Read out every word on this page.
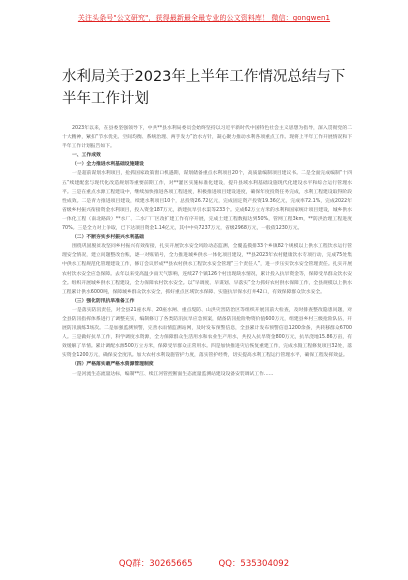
关注头条号"公文研究"，获得最新最全最专业的公文资料库！ 微信：gongwen1
水利局关于2023年上半年工作情况总结与下半年工作计划

2023年以来，在县委坚强领导下，中共**县水利局委员会始终坚持以习近平新时代中国特色社会主义思想为指导，深入贯彻党的二十大精神，紧扣“节水优先、空间均衡、系统治理、两手发力”治水方针，凝心聚力推动水利各项重点工作。现将上半年工作开展情况和下半年工作计划报告如下。

一、工作成效

（一）全力推进水利基础设施建设

一是超前谋划水利项目，抢抓国家政策窗口机遇期，谋划储备重点水利项目20个，高质量编制项目建议书。二是全面完成编制“十四五”续建配套与现代化改造规划等重要前期工作，对**灌区实施标准化建设，提升县域水利基础设施现代化建设水平和综合运行管理水平。三是在重点水源工程建设中，继续加快推进各项工程进度，积极推进项目建设进度，确保年度投资任务完成，水利工程建设取得阶段性成效。二是青力推进项目建设，续建水利项目10个，总投资26.72亿元，完成固定资产投资19.36亿元，完成率72.1%，完成2022年省级乡村振兴衔接资金水利项目，投入资金187万元，新建抗旱引水渠等233个。完成62万立方米的水利和国家统计项目建设，城乡供水一体化工程（南北路段）**水厂、二水厂厂区改扩建工作有序开展，完成土建工程数据达到50%，管网工程3km，**防洪治理工程进度70%。三是全力对上争取，已下达项目资金1.14亿元，其中中央7237万元，省级2968万元，一般债1230万元。

（二）不断夯实乡村振兴水利基础

围绕巩固脱贫攻坚同乡村振兴有效衔接，扎实开展饮水安全风险动态监测，全覆盖摸排33个乡镇82个规模以上供水工程饮水运行管理安全情况，建立问题整改台账，逐一对账销号，全力推进城乡供水一体化项目建设，**县2023年农村健康饮水专项行动，完成75处集中供水工程规范化管理建设工作，修订会议形成**县农村供水工程饮水安全管理“三个责任人”，进一步压实饮水安全管理责任。扎实开展农村饮水安全应急保障。去年以来受高温少雨天气影响，连续27个镇126个村出现缺水情况，累计投入抗旱资金等，保障受旱群众饮水安全。组织开展城乡供水工程建设，全力保障农村饮水安全。以“早调度、早谋划、早落实”全力抓好农村供水保障工作，全县规模以上供水工程累计供水6000吨，保障城乡群众饮水安全，抓好重点区域饮水保障、实施抗旱保水打井42口，有效保障群众饮水安全。

（三）强化防汛抗旱准备工作

一是落实防汛责任，对全县21座水库、20座水闸、重点堤防、山洪灾害防治区等组织开展汛前大检查，及时排查整改隐患问题，对全县防汛指挥体系进行了调整充实，编制修订了各类防汛抗旱应急预案，储备防汛抢险物资价值600万元，组建县乡村三级抢险队伍，开展防汛演练3场次。二是加强监测预警，完善水雨情监测站网，及时发布预警信息，全县累计发布预警信息1200余条，共转移群众6700人。三是做好抗旱工作，科学调度水资源，全力保障群众生活用水和农业生产用水，共投入抗旱资金800万元，抗旱浇地15.86万亩，有效缓解了旱情。累计调配水源500万立方米，保障受旱群众正常用水。四是加快推进灾后恢复重建工作，完成水毁工程修复项目32处，落实资金1200万元，确保安全度汛。加大农村水利设施管护力度，落实管护经费，切实提高水利工程运行管理水平，确保工程发挥效益。

（四）严格落实最严格水资源管理制度

一是河流生态流量达标，编制**江、续江河管控断面生态流量监测站建设设备安装调试工作……

QQ群：30265665	QQ：535304092
